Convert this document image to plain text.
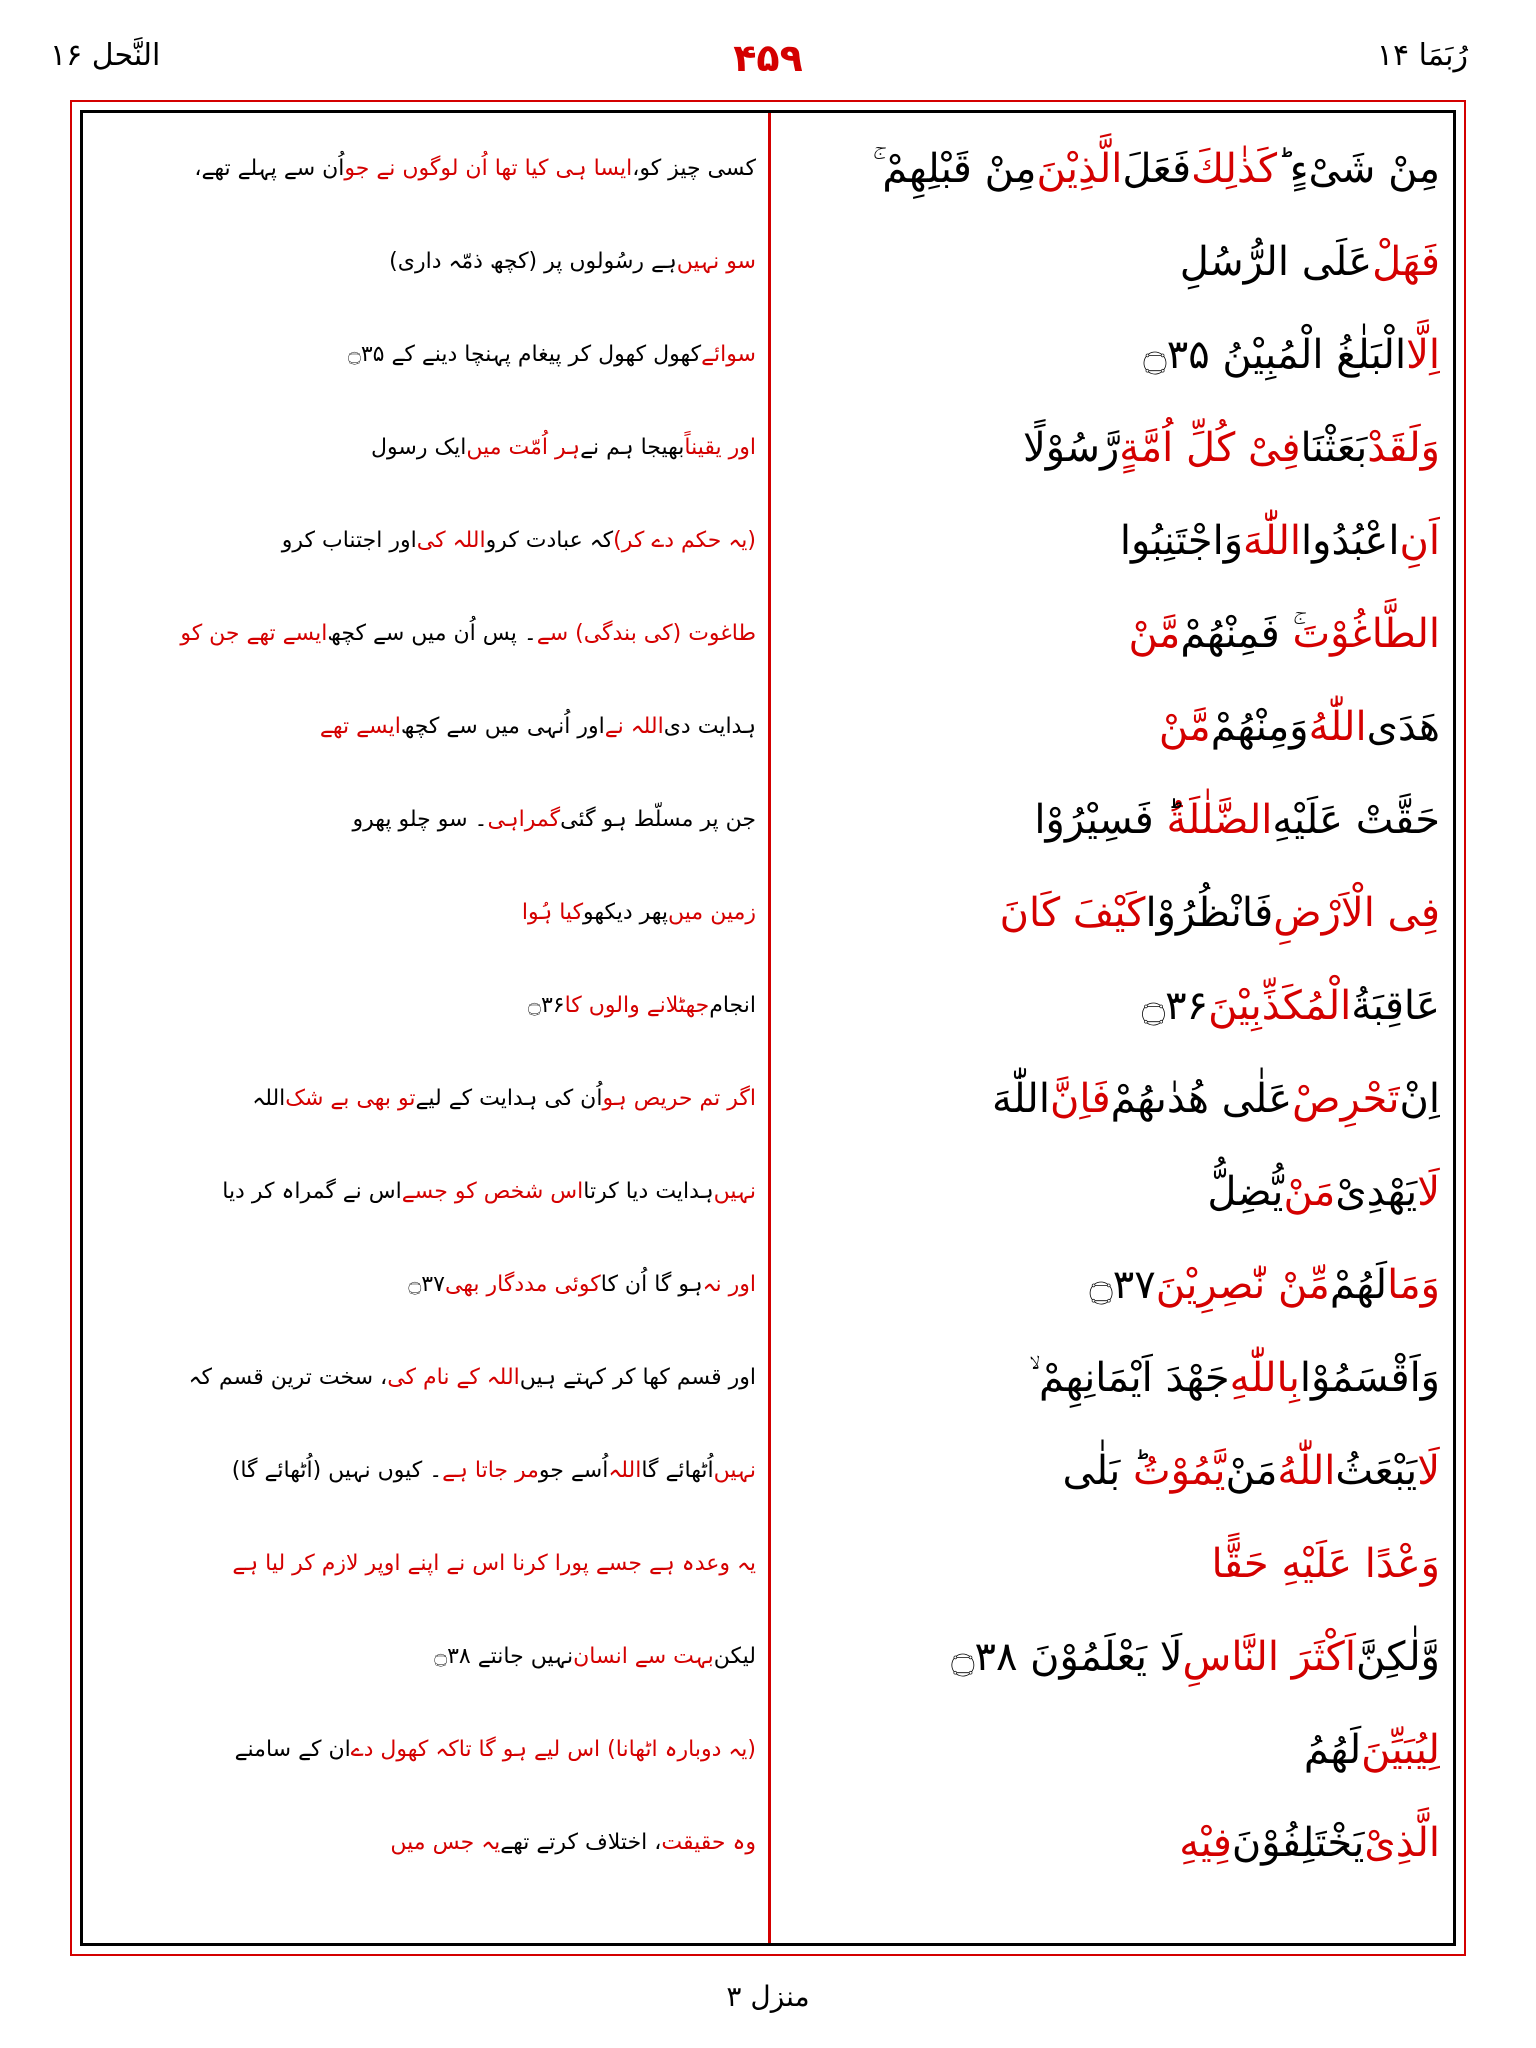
رُبَمَا ۱۴
۴۵۹
النَّحل ۱۶
مِنْ شَیْءٍ ؕ
كَذٰلِكَ
فَعَلَ
الَّذِیْنَ
مِنْ قَبْلِهِمْ ۚ
فَهَلْ
عَلَى الرُّسُلِ
اِلَّا
الْبَلٰغُ الْمُبِیْنُ ۝۳۵
وَلَقَدْ
بَعَثْنَا
فِیْ كُلِّ اُمَّةٍ
رَّسُوْلًا
اَنِ
اعْبُدُوا
اللّٰهَ
وَاجْتَنِبُوا
الطَّاغُوْتَ
ۚ فَمِنْهُمْ
مَّنْ
هَدَى
اللّٰهُ
وَمِنْهُمْ
مَّنْ
حَقَّتْ عَلَیْهِ
الضَّلٰلَةُ
ؕ فَسِیْرُوْا
فِی الْاَرْضِ
فَانْظُرُوْا
كَیْفَ كَانَ
عَاقِبَةُ
الْمُكَذِّبِیْنَ
۝۳۶
اِنْ
تَحْرِصْ
عَلٰی هُدٰىهُمْ
فَاِنَّ
اللّٰهَ
لَا
یَهْدِیْ
مَنْ
یُّضِلُّ
وَمَا
لَهُمْ
مِّنْ نّٰصِرِیْنَ
۝۳۷
وَاَقْسَمُوْا
بِاللّٰهِ
جَهْدَ اَیْمَانِهِمْ ۙ
لَا
یَبْعَثُ
اللّٰهُ
مَنْ
یَّمُوْتُ
ؕ بَلٰی
وَعْدًا عَلَیْهِ حَقًّا
وَّلٰكِنَّ
اَكْثَرَ النَّاسِ
لَا یَعْلَمُوْنَ ۝۳۸
لِیُبَیِّنَ
لَهُمُ
الَّذِیْ
یَخْتَلِفُوْنَ
فِیْهِ
کسی چیز کو،
ایسا ہی کیا تھا اُن لوگوں نے جو
اُن سے پہلے تھے،
سو نہیں
ہے رسُولوں پر (کچھ ذمّہ داری)
سوائے
کھول کھول کر پیغام پہنچا دینے کے ۝۳۵
اور یقیناً
بھیجا ہم نے
ہر اُمّت میں
ایک رسول
(یہ حکم دے کر)
کہ عبادت کرو
اللہ کی
اور اجتناب کرو
طاغوت (کی بندگی) سے
۔ پس اُن میں سے کچھ
ایسے تھے جن کو
ہدایت دی
اللہ نے
اور اُنہی میں سے کچھ
ایسے تھے
جن پر مسلّط ہو گئی
گمراہی
۔ سو چلو پھرو
زمین میں
پھر دیکھو
کیا ہُوا
انجام
جھٹلانے والوں کا
۝۳۶
اگر تم حریص ہو
اُن کی ہدایت کے لیے
تو بھی بے شک
اللہ
نہیں
ہدایت دیا کرتا
اس شخص کو جسے
اس نے گمراہ کر دیا
اور نہ
ہو گا اُن کا
کوئی مددگار بھی
۝۳۷
اور قسم کھا کر کہتے ہیں
اللہ کے نام کی
، سخت ترین قسم کہ
نہیں
اُٹھائے گا
اللہ
اُسے جو
مر جاتا ہے
۔ کیوں نہیں (اُٹھائے گا)
یہ وعدہ ہے جسے پورا کرنا اس نے اپنے اوپر لازم کر لیا ہے
لیکن
بہت سے انسان
نہیں جانتے ۝۳۸
(یہ دوبارہ اٹھانا) اس لیے ہو گا تاکہ کھول دے
ان کے سامنے
وہ حقیقت
، اختلاف کرتے تھے
یہ جس میں
منزل ۳
